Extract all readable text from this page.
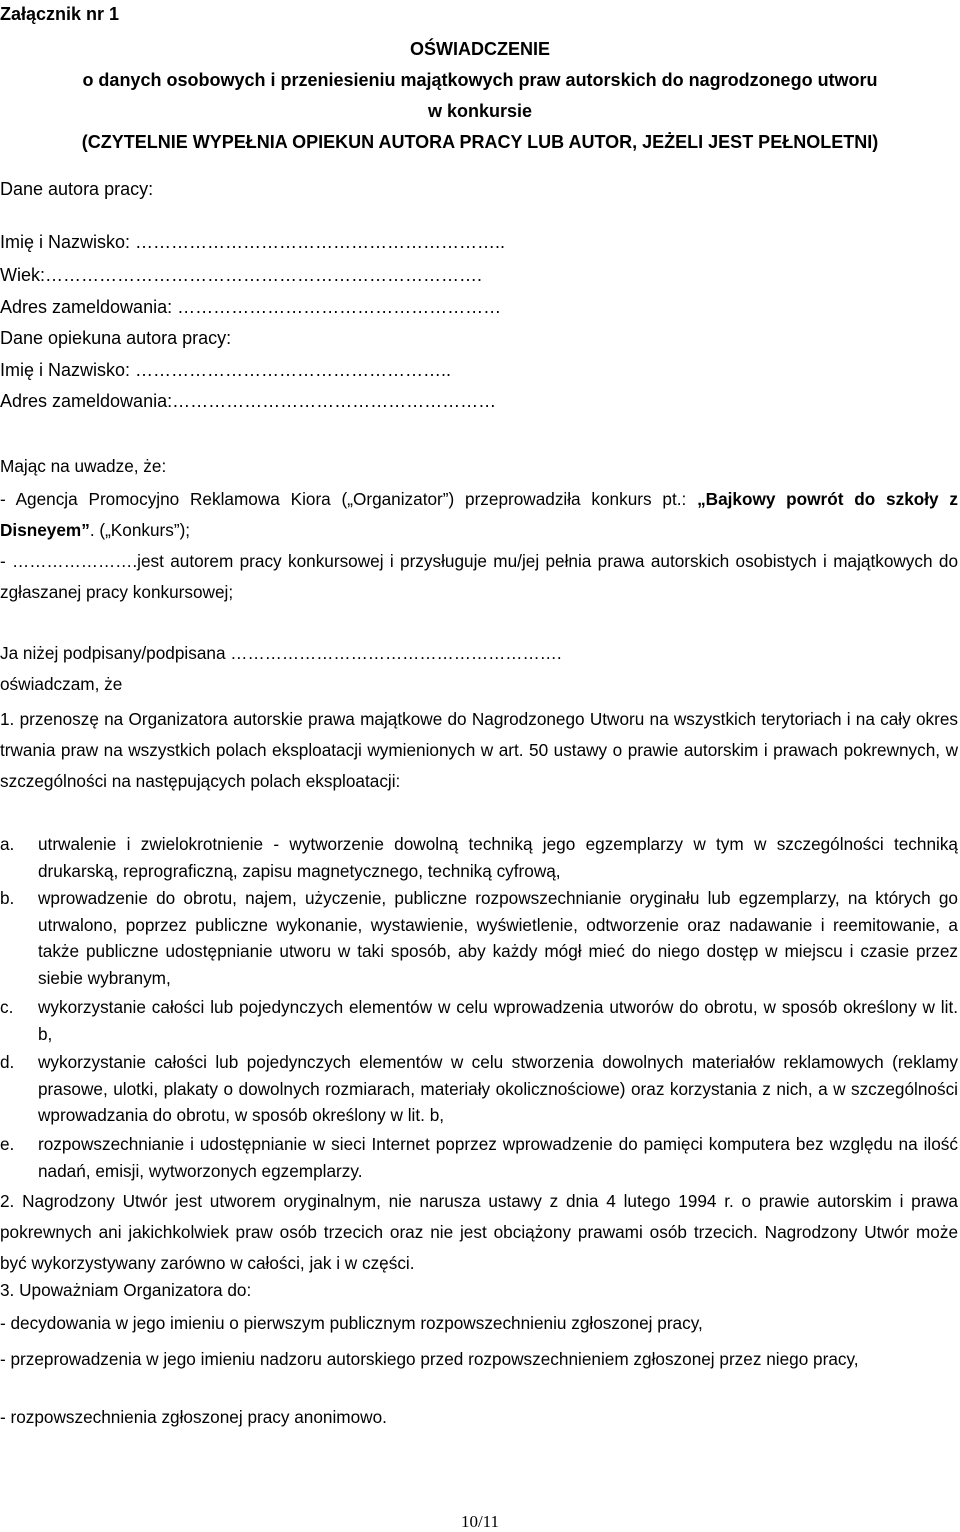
Załącznik nr 1
OŚWIADCZENIE
o danych osobowych i przeniesieniu majątkowych praw autorskich do nagrodzonego utworu
w konkursie
(CZYTELNIE WYPEŁNIA OPIEKUN AUTORA PRACY LUB AUTOR, JEŻELI JEST PEŁNOLETNI)
Dane autora pracy:
Imię i Nazwisko: ……………………………………………………..
Wiek:……………………………………………………………….
Adres zameldowania: ………………………………………………
Dane opiekuna autora pracy:
Imię i Nazwisko: ……………………………………………..
Adres zameldowania:………………………………………………
Mając na uwadze, że:
- Agencja Promocyjno Reklamowa Kiora („Organizator”) przeprowadziła konkurs pt.: „Bajkowy powrót do szkoły z Disneyem”. („Konkurs”);
- ………………….jest autorem pracy konkursowej i przysługuje mu/jej pełnia prawa autorskich osobistych i majątkowych do zgłaszanej pracy konkursowej;
Ja niżej podpisany/podpisana ………………………………………………….
oświadczam, że
1. przenoszę na Organizatora autorskie prawa majątkowe do Nagrodzonego Utworu na wszystkich terytoriach i na cały okres trwania praw na wszystkich polach eksploatacji wymienionych w art. 50 ustawy o prawie autorskim i prawach pokrewnych, w szczególności na następujących polach eksploatacji:
a. utrwalenie i zwielokrotnienie - wytworzenie dowolną techniką jego egzemplarzy w tym w szczególności techniką drukarską, reprograficzną, zapisu magnetycznego, techniką cyfrową,
b. wprowadzenie do obrotu, najem, użyczenie, publiczne rozpowszechnianie oryginału lub egzemplarzy, na których go utrwalono, poprzez publiczne wykonanie, wystawienie, wyświetlenie, odtworzenie oraz nadawanie i reemitowanie, a także publiczne udostępnianie utworu w taki sposób, aby każdy mógł mieć do niego dostęp w miejscu i czasie przez siebie wybranym,
c. wykorzystanie całości lub pojedynczych elementów w celu wprowadzenia utworów do obrotu, w sposób określony w lit. b,
d. wykorzystanie całości lub pojedynczych elementów w celu stworzenia dowolnych materiałów reklamowych (reklamy prasowe, ulotki, plakaty o dowolnych rozmiarach, materiały okolicznościowe) oraz korzystania z nich, a w szczególności wprowadzania do obrotu, w sposób określony w lit. b,
e. rozpowszechnianie i udostępnianie w sieci Internet poprzez wprowadzenie do pamięci komputera bez względu na ilość nadań, emisji, wytworzonych egzemplarzy.
2. Nagrodzony Utwór jest utworem oryginalnym, nie narusza ustawy z dnia 4 lutego 1994 r. o prawie autorskim i prawa pokrewnych ani jakichkolwiek praw osób trzecich oraz nie jest obciążony prawami osób trzecich. Nagrodzony Utwór może być wykorzystywany zarówno w całości, jak i w części.
3. Upoważniam Organizatora do:
- decydowania w jego imieniu o pierwszym publicznym rozpowszechnieniu zgłoszonej pracy,
- przeprowadzenia w jego imieniu nadzoru autorskiego przed rozpowszechnieniem zgłoszonej przez niego pracy,
- rozpowszechnienia zgłoszonej pracy anonimowo.
10/11
